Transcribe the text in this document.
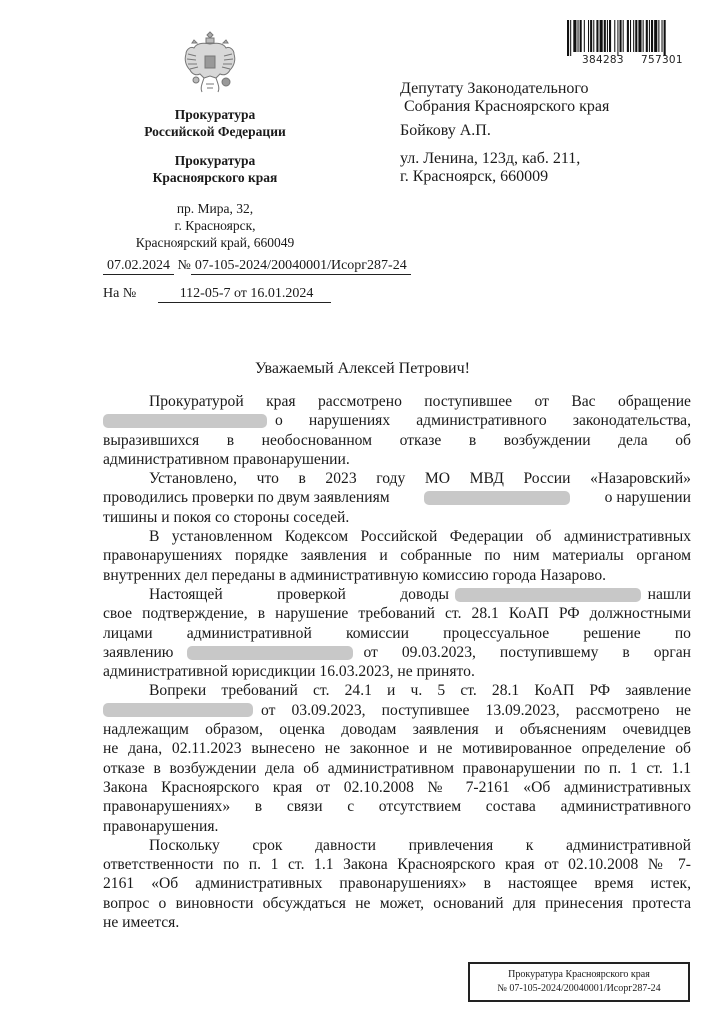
Прокуратура
Российской Федерации
Прокуратура
Красноярского края
пр. Мира, 32,
г. Красноярск,
Красноярский край, 660049
384283 757301
Депутату Законодательного
Собрания Красноярского края
Бойкову А.П.
ул. Ленина, 123д, каб. 211,
г. Красноярск, 660009
07.02.2024 № 07-105-2024/20040001/Исорг287-24
На №	112-05-7 от 16.01.2024
Уважаемый Алексей Петрович!
Прокуратурой края рассмотрено поступившее от Вас обращение
о нарушениях административного законодательства,
выразившихся в необоснованном отказе в возбуждении дела об
административном правонарушении.
Установлено, что в 2023 году МО МВД России «Назаровский»
проводились проверки по двум заявлениям	о нарушении
тишины и покоя со стороны соседей.
В установленном Кодексом Российской Федерации об административных
правонарушениях порядке заявления и собранные по ним материалы органом
внутренних дел переданы в административную комиссию города Назарово.
Настоящей	проверкой	доводы	нашли
свое подтверждение, в нарушение требований ст. 28.1 КоАП РФ должностными
лицами административной комиссии процессуальное решение по
заявлению	от 09.03.2023, поступившему в орган
административной юрисдикции 16.03.2023, не принято.
Вопреки требований ст. 24.1 и ч. 5 ст. 28.1 КоАП РФ заявление
от 03.09.2023, поступившее 13.09.2023, рассмотрено не
надлежащим образом, оценка доводам заявления и объяснениям очевидцев
не дана, 02.11.2023 вынесено не законное и не мотивированное определение об
отказе в возбуждении дела об административном правонарушении по п. 1 ст. 1.1
Закона Красноярского края от 02.10.2008 № 7-2161 «Об административных
правонарушениях» в связи с отсутствием состава административного
правонарушения.
Поскольку срок давности привлечения к административной
ответственности по п. 1 ст. 1.1 Закона Красноярского края от 02.10.2008 № 7-
2161 «Об административных правонарушениях» в настоящее время истек,
вопрос о виновности обсуждаться не может, оснований для принесения протеста
не имеется.
Прокуратура Красноярского края
№ 07-105-2024/20040001/Исорг287-24
